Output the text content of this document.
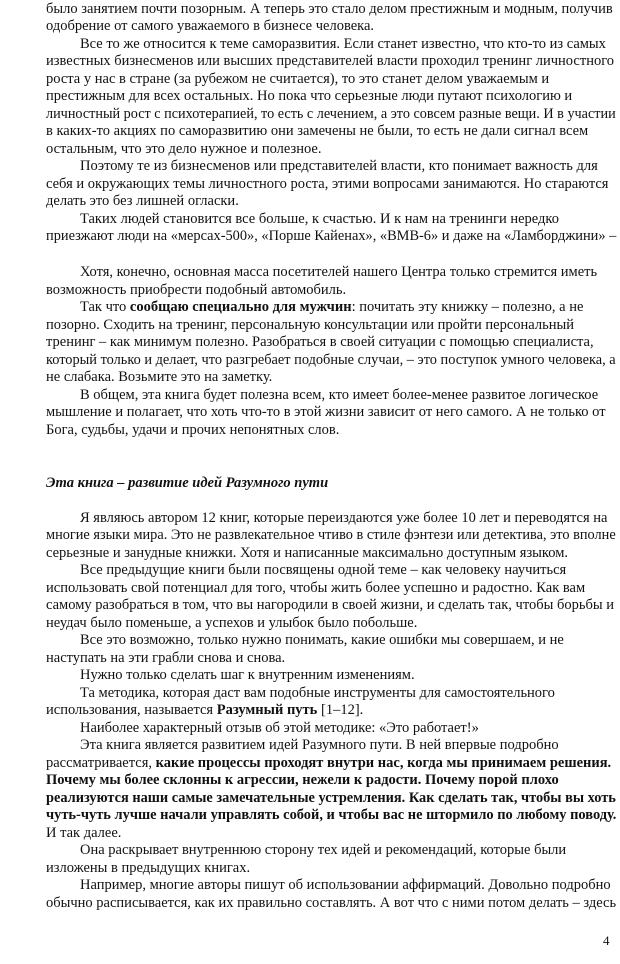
было занятием почти позорным. А теперь это стало делом престижным и модным, получив
одобрение от самого уважаемого в бизнесе человека.
Все то же относится к теме саморазвития. Если станет известно, что кто-то из самых
известных бизнесменов или высших представителей власти проходил тренинг личностного
роста у нас в стране (за рубежом не считается), то это станет делом уважаемым и
престижным для всех остальных. Но пока что серьезные люди путают психологию и
личностный рост с психотерапией, то есть с лечением, а это совсем разные вещи. И в участии
в каких-то акциях по саморазвитию они замечены не были, то есть не дали сигнал всем
остальным, что это дело нужное и полезное.
Поэтому те из бизнесменов или представителей власти, кто понимает важность для
себя и окружающих темы личностного роста, этими вопросами занимаются. Но стараются
делать это без лишней огласки.
Таких людей становится все больше, к счастью. И к нам на тренинги нередко
приезжают люди на «мерсах-500», «Порше Кайенах», «ВМВ-6» и даже на «Ламборджини» –
Хотя, конечно, основная масса посетителей нашего Центра только стремится иметь
возможность приобрести подобный автомобиль.
Так что сообщаю специально для мужчин: почитать эту книжку – полезно, а не
позорно. Сходить на тренинг, персональную консультации или пройти персональный
тренинг – как минимум полезно. Разобраться в своей ситуации с помощью специалиста,
который только и делает, что разгребает подобные случаи, – это поступок умного человека, а
не слабака. Возьмите это на заметку.
В общем, эта книга будет полезна всем, кто имеет более-менее развитое логическое
мышление и полагает, что хоть что-то в этой жизни зависит от него самого. А не только от
Бога, судьбы, удачи и прочих непонятных слов.
Эта книга – развитие идей Разумного пути
Я являюсь автором 12 книг, которые переиздаются уже более 10 лет и переводятся на
многие языки мира. Это не развлекательное чтиво в стиле фэнтези или детектива, это вполне
серьезные и занудные книжки. Хотя и написанные максимально доступным языком.
Все предыдущие книги были посвящены одной теме – как человеку научиться
использовать свой потенциал для того, чтобы жить более успешно и радостно. Как вам
самому разобраться в том, что вы нагородили в своей жизни, и сделать так, чтобы борьбы и
неудач было поменьше, а успехов и улыбок было побольше.
Все это возможно, только нужно понимать, какие ошибки мы совершаем, и не
наступать на эти грабли снова и снова.
Нужно только сделать шаг к внутренним изменениям.
Та методика, которая даст вам подобные инструменты для самостоятельного
использования, называется Разумный путь [1–12].
Наиболее характерный отзыв об этой методике: «Это работает!»
Эта книга является развитием идей Разумного пути. В ней впервые подробно
рассматривается, какие процессы проходят внутри нас, когда мы принимаем решения.
Почему мы более склонны к агрессии, нежели к радости. Почему порой плохо
реализуются наши самые замечательные устремления. Как сделать так, чтобы вы хоть
чуть-чуть лучше начали управлять собой, и чтобы вас не штормило по любому поводу.
И так далее.
Она раскрывает внутреннюю сторону тех идей и рекомендаций, которые были
изложены в предыдущих книгах.
Например, многие авторы пишут об использовании аффирмаций. Довольно подробно
обычно расписывается, как их правильно составлять. А вот что с ними потом делать – здесь
4
